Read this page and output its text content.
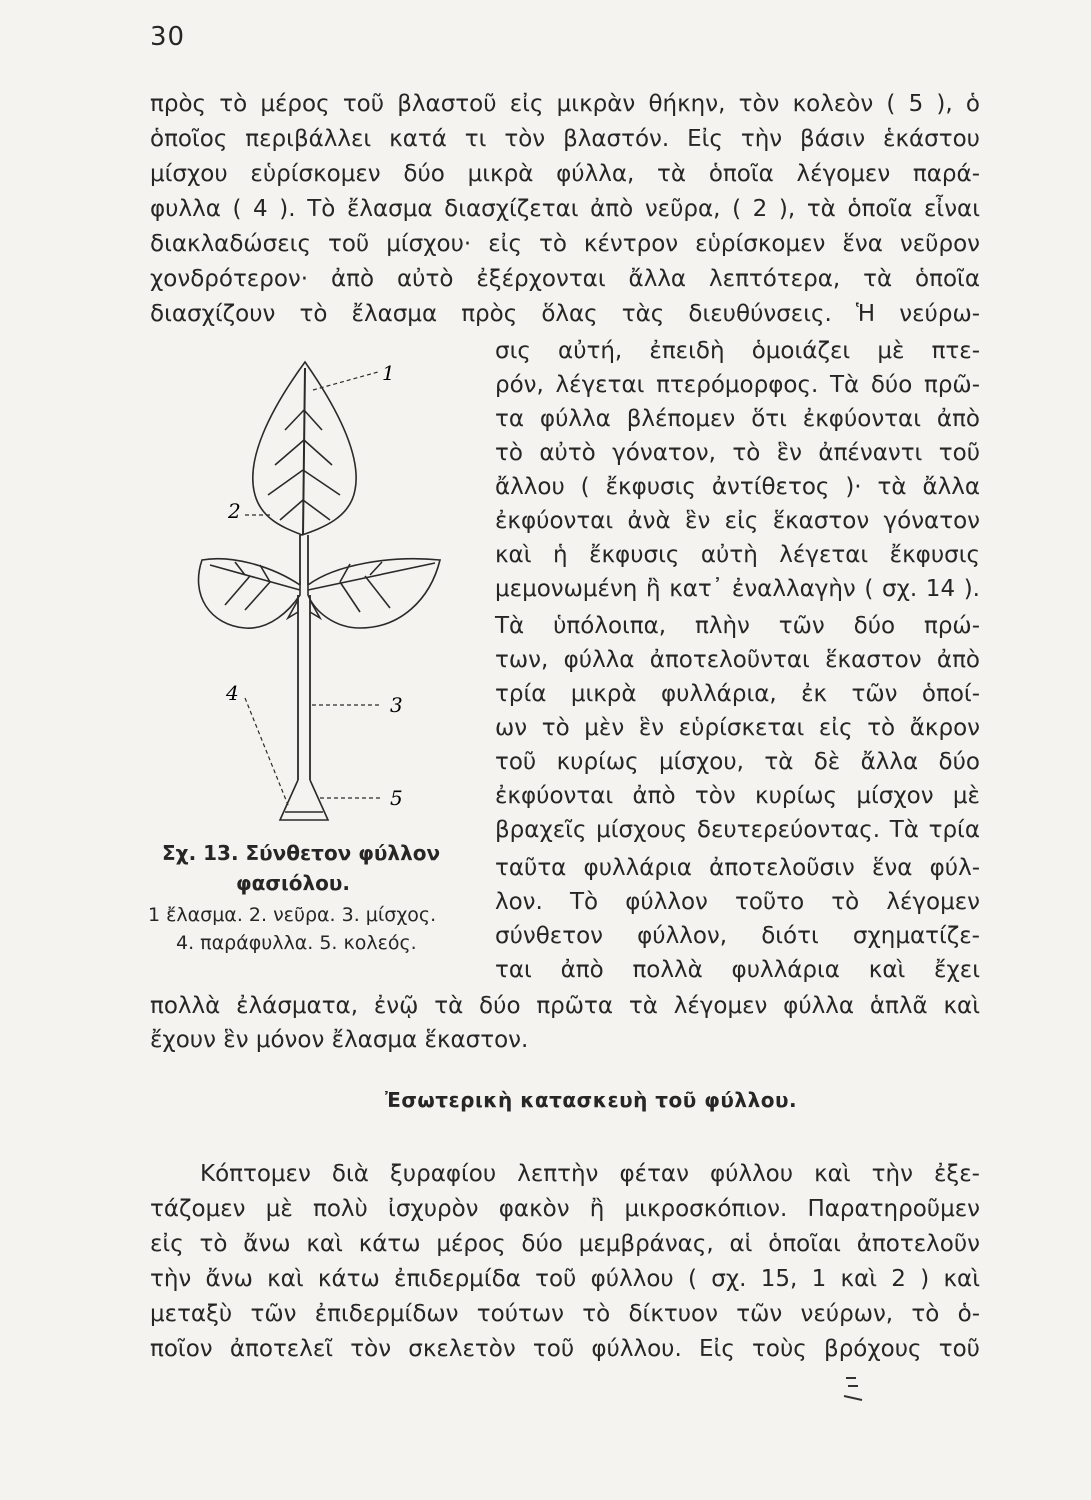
30
πρὸς τὸ μέρος τοῦ βλαστοῦ εἰς μικρὰν θήκην, τὸν κολεὸν ( 5 ), ὁ
ὁποῖος περιβάλλει κατά τι τὸν βλαστόν. Εἰς τὴν βάσιν ἑκάστου
μίσχου εὑρίσκομεν δύο μικρὰ φύλλα, τὰ ὁποῖα λέγομεν παρά-
φυλλα ( 4 ). Τὸ ἔλασμα διασχίζεται ἀπὸ νεῦρα, ( 2 ), τὰ ὁποῖα εἶναι
διακλαδώσεις τοῦ μίσχου· εἰς τὸ κέντρον εὑρίσκομεν ἕνα νεῦρον
χονδρότερον· ἀπὸ αὐτὸ ἐξέρχονται ἄλλα λεπτότερα, τὰ ὁποῖα
διασχίζουν τὸ ἔλασμα πρὸς ὅλας τὰς διευθύνσεις. Ἡ νεύρω-
σις αὐτή, ἐπειδὴ ὁμοιάζει μὲ πτε-
ρόν, λέγεται πτερόμορφος. Τὰ δύο πρῶ-
τα φύλλα βλέπομεν ὅτι ἐκφύονται ἀπὸ
τὸ αὐτὸ γόνατον, τὸ ἓν ἀπέναντι τοῦ
ἄλλου ( ἔκφυσις ἀντίθετος )· τὰ ἄλλα
ἐκφύονται ἀνὰ ἓν εἰς ἕκαστον γόνατον
καὶ ἡ ἔκφυσις αὐτὴ λέγεται ἔκφυσις
μεμονωμένη ἢ κατ᾽ ἐναλλαγὴν ( σχ. 14 ).
Τὰ ὑπόλοιπα, πλὴν τῶν δύο πρώ-
των, φύλλα ἀποτελοῦνται ἕκαστον ἀπὸ
τρία μικρὰ φυλλάρια, ἐκ τῶν ὁποί-
ων τὸ μὲν ἓν εὑρίσκεται εἰς τὸ ἄκρον
τοῦ κυρίως μίσχου, τὰ δὲ ἄλλα δύο
ἐκφύονται ἀπὸ τὸν κυρίως μίσχον μὲ
βραχεῖς μίσχους δευτερεύοντας. Τὰ τρία
ταῦτα φυλλάρια ἀποτελοῦσιν ἕνα φύλ-
λον. Τὸ φύλλον τοῦτο τὸ λέγομεν
σύνθετον φύλλον, διότι σχηματίζε-
ται ἀπὸ πολλὰ φυλλάρια καὶ ἔχει
1
2
3
4
5
Σχ. 13. Σύνθετον φύλλον
φασιόλου.
1 ἔλασμα. 2. νεῦρα. 3. μίσχος.
4. παράφυλλα. 5. κολεός.
πολλὰ ἐλάσματα, ἐνῷ τὰ δύο πρῶτα τὰ λέγομεν φύλλα ἁπλᾶ καὶ
ἔχουν ἓν μόνον ἔλασμα ἕκαστον.
Ἐσωτερικὴ κατασκευὴ τοῦ φύλλου.
Κόπτομεν διὰ ξυραφίου λεπτὴν φέταν φύλλου καὶ τὴν ἐξε-
τάζομεν μὲ πολὺ ἰσχυρὸν φακὸν ἢ μικροσκόπιον. Παρατηροῦμεν
εἰς τὸ ἄνω καὶ κάτω μέρος δύο μεμβράνας, αἱ ὁποῖαι ἀποτελοῦν
τὴν ἄνω καὶ κάτω ἐπιδερμίδα τοῦ φύλλου ( σχ. 15, 1 καὶ 2 ) καὶ
μεταξὺ τῶν ἐπιδερμίδων τούτων τὸ δίκτυον τῶν νεύρων, τὸ ὁ-
ποῖον ἀποτελεῖ τὸν σκελετὸν τοῦ φύλλου. Εἰς τοὺς βρόχους τοῦ
